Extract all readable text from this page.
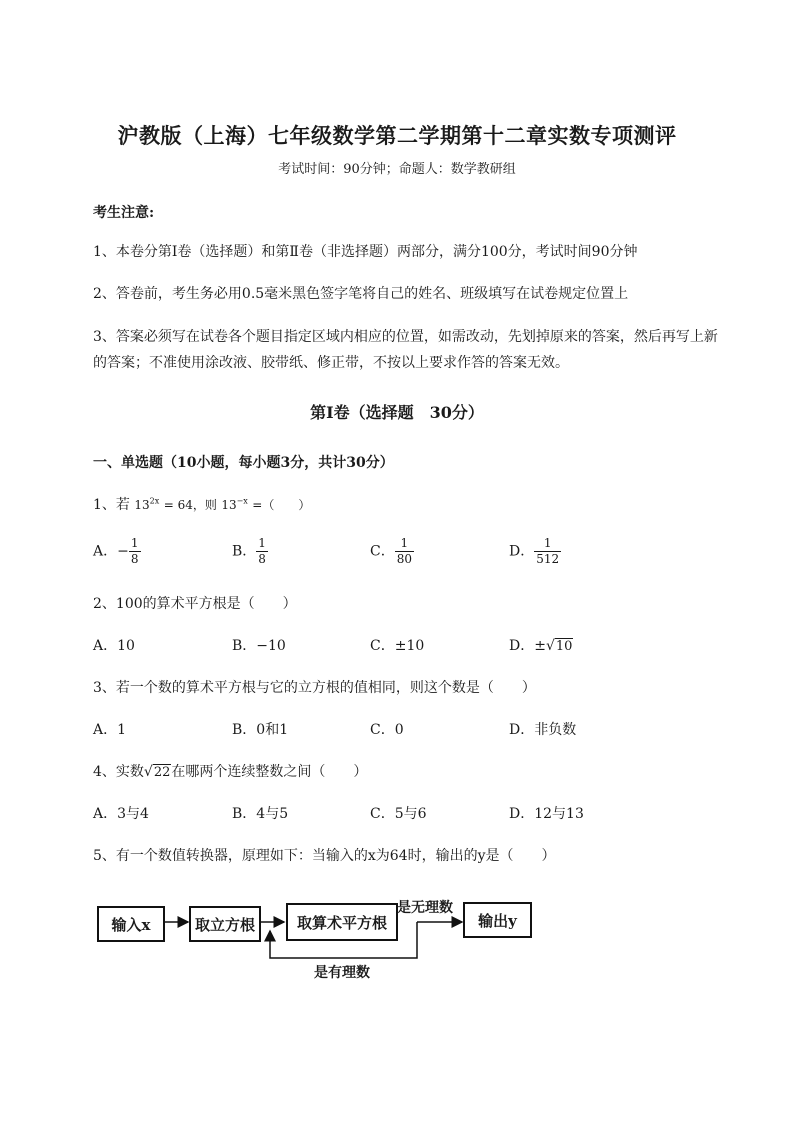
沪教版（上海）七年级数学第二学期第十二章实数专项测评
考试时间：90分钟；命题人：数学教研组
考生注意:
1、本卷分第Ⅰ卷（选择题）和第Ⅱ卷（非选择题）两部分，满分100分，考试时间90分钟
2、答卷前，考生务必用0.5毫米黑色签字笔将自己的姓名、班级填写在试卷规定位置上
3、答案必须写在试卷各个题目指定区域内相应的位置，如需改动，先划掉原来的答案，然后再写上新
的答案；不准使用涂改液、胶带纸、修正带，不按以上要求作答的答案无效。
第Ⅰ卷（选择题　30分）
一、单选题（10小题，每小题3分，共计30分）
1、若 $13^{2x} = 64$，则 $13^{-x}$ =（　　）
A．− $\frac{1}{8}$	B． $\frac{1}{8}$	C． $\frac{1}{80}$	D． $\frac{1}{512}$
2、100的算术平方根是（　　）
A．10	B．−10	C．±10	D．±√10
3、若一个数的算术平方根与它的立方根的值相同，则这个数是（　　）
A．1	B．0和1	C．0	D．非负数
4、实数√22在哪两个连续整数之间（　　）
A．3与4	B．4与5	C．5与6	D．12与13
5、有一个数值转换器，原理如下：当输入的x为64时，输出的y是（　　）
输入x	取立方根	取算术平方根	输出y
是无理数
是有理数
